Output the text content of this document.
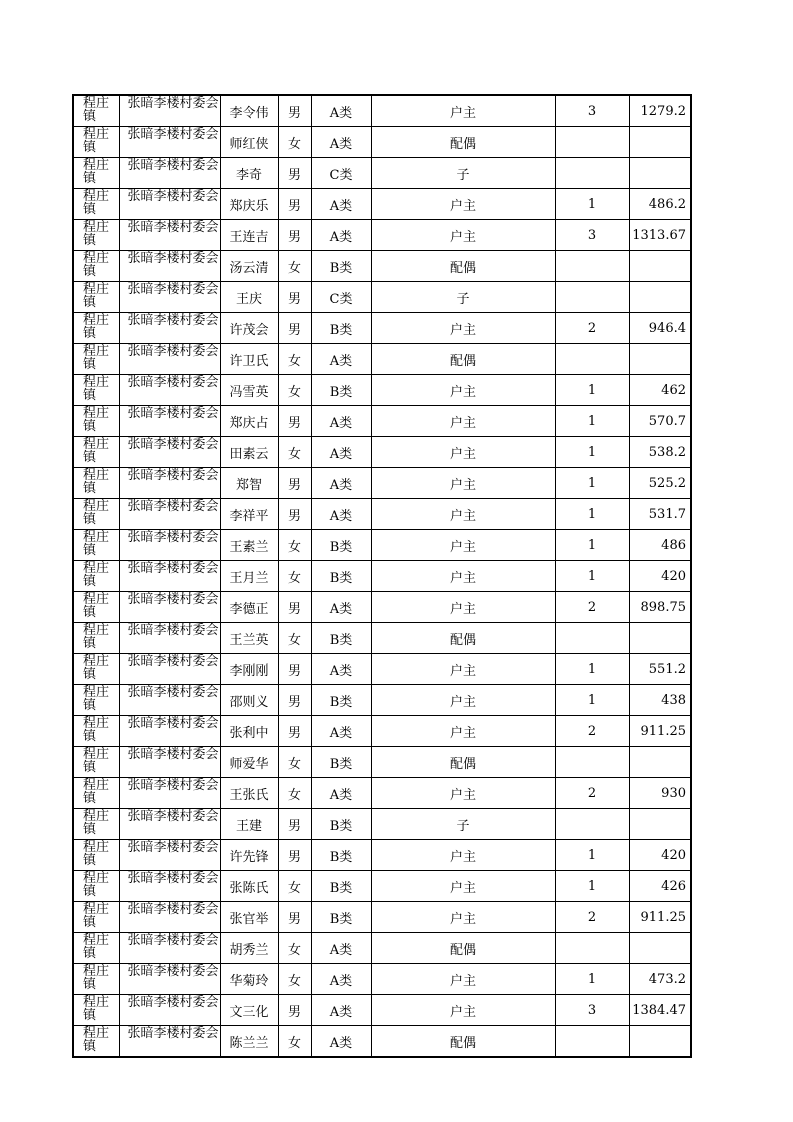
程庄镇	张暗李楼村委会	李令伟	男	A类	户主	3	1279.2

程庄镇	张暗李楼村委会	师红侠	女	A类	配偶		

程庄镇	张暗李楼村委会	李奇	男	C类	子		

程庄镇	张暗李楼村委会	郑庆乐	男	A类	户主	1	486.2

程庄镇	张暗李楼村委会	王连吉	男	A类	户主	3	1313.67

程庄镇	张暗李楼村委会	汤云清	女	B类	配偶		

程庄镇	张暗李楼村委会	王庆	男	C类	子		

程庄镇	张暗李楼村委会	许茂会	男	B类	户主	2	946.4

程庄镇	张暗李楼村委会	许卫氏	女	A类	配偶		

程庄镇	张暗李楼村委会	冯雪英	女	B类	户主	1	462

程庄镇	张暗李楼村委会	郑庆占	男	A类	户主	1	570.7

程庄镇	张暗李楼村委会	田素云	女	A类	户主	1	538.2

程庄镇	张暗李楼村委会	郑智	男	A类	户主	1	525.2

程庄镇	张暗李楼村委会	李祥平	男	A类	户主	1	531.7

程庄镇	张暗李楼村委会	王素兰	女	B类	户主	1	486

程庄镇	张暗李楼村委会	王月兰	女	B类	户主	1	420

程庄镇	张暗李楼村委会	李德正	男	A类	户主	2	898.75

程庄镇	张暗李楼村委会	王兰英	女	B类	配偶		

程庄镇	张暗李楼村委会	李刚刚	男	A类	户主	1	551.2

程庄镇	张暗李楼村委会	邵则义	男	B类	户主	1	438

程庄镇	张暗李楼村委会	张利中	男	A类	户主	2	911.25

程庄镇	张暗李楼村委会	师爱华	女	B类	配偶		

程庄镇	张暗李楼村委会	王张氏	女	A类	户主	2	930

程庄镇	张暗李楼村委会	王建	男	B类	子		

程庄镇	张暗李楼村委会	许先锋	男	B类	户主	1	420

程庄镇	张暗李楼村委会	张陈氏	女	B类	户主	1	426

程庄镇	张暗李楼村委会	张官举	男	B类	户主	2	911.25

程庄镇	张暗李楼村委会	胡秀兰	女	A类	配偶		

程庄镇	张暗李楼村委会	华菊玲	女	A类	户主	1	473.2

程庄镇	张暗李楼村委会	文三化	男	A类	户主	3	1384.47

程庄镇	张暗李楼村委会	陈兰兰	女	A类	配偶		
